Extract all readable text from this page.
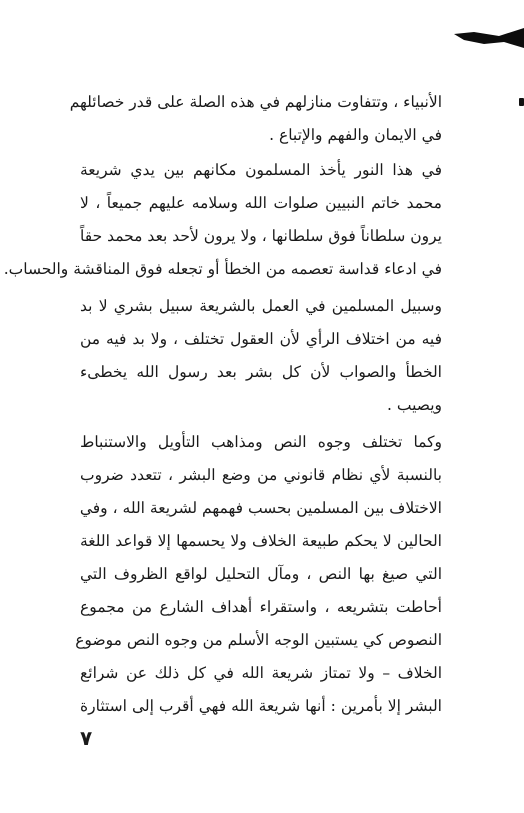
الأنبياء ، وتتفاوت منازلهم في هذه الصلة على قدر خصائلهم
في الايمان والفهم والإتباع .
في هذا النور يأخذ المسلمون مكانهم بين يدي شريعة
محمد خاتم النبيين صلوات الله وسلامه عليهم جميعاً ، لا
يرون سلطاناً فوق سلطانها ، ولا يرون لأحد بعد محمد حقاً
في ادعاء قداسة تعصمه من الخطأ أو تجعله فوق المناقشة والحساب.
وسبيل المسلمين في العمل بالشريعة سبيل بشري لا بد
فيه من اختلاف الرأي لأن العقول تختلف ، ولا بد فيه من
الخطأ والصواب لأن كل بشر بعد رسول الله يخطىء
ويصيب .
وكما تختلف وجوه النص ومذاهب التأويل والاستنباط
بالنسبة لأي نظام قانوني من وضع البشر ، تتعدد ضروب
الاختلاف بين المسلمين بحسب فهمهم لشريعة الله ، وفي
الحالين لا يحكم طبيعة الخلاف ولا يحسمها إلا قواعد اللغة
التي صيغ بها النص ، ومآل التحليل لواقع الظروف التي
أحاطت بتشريعه ، واستقراء أهداف الشارع من مجموع
النصوص كي يستبين الوجه الأسلم من وجوه النص موضوع
الخلاف – ولا تمتاز شريعة الله في كل ذلك عن شرائع
البشر إلا بأمرين : أنها شريعة الله فهي أقرب إلى استثارة
٧
